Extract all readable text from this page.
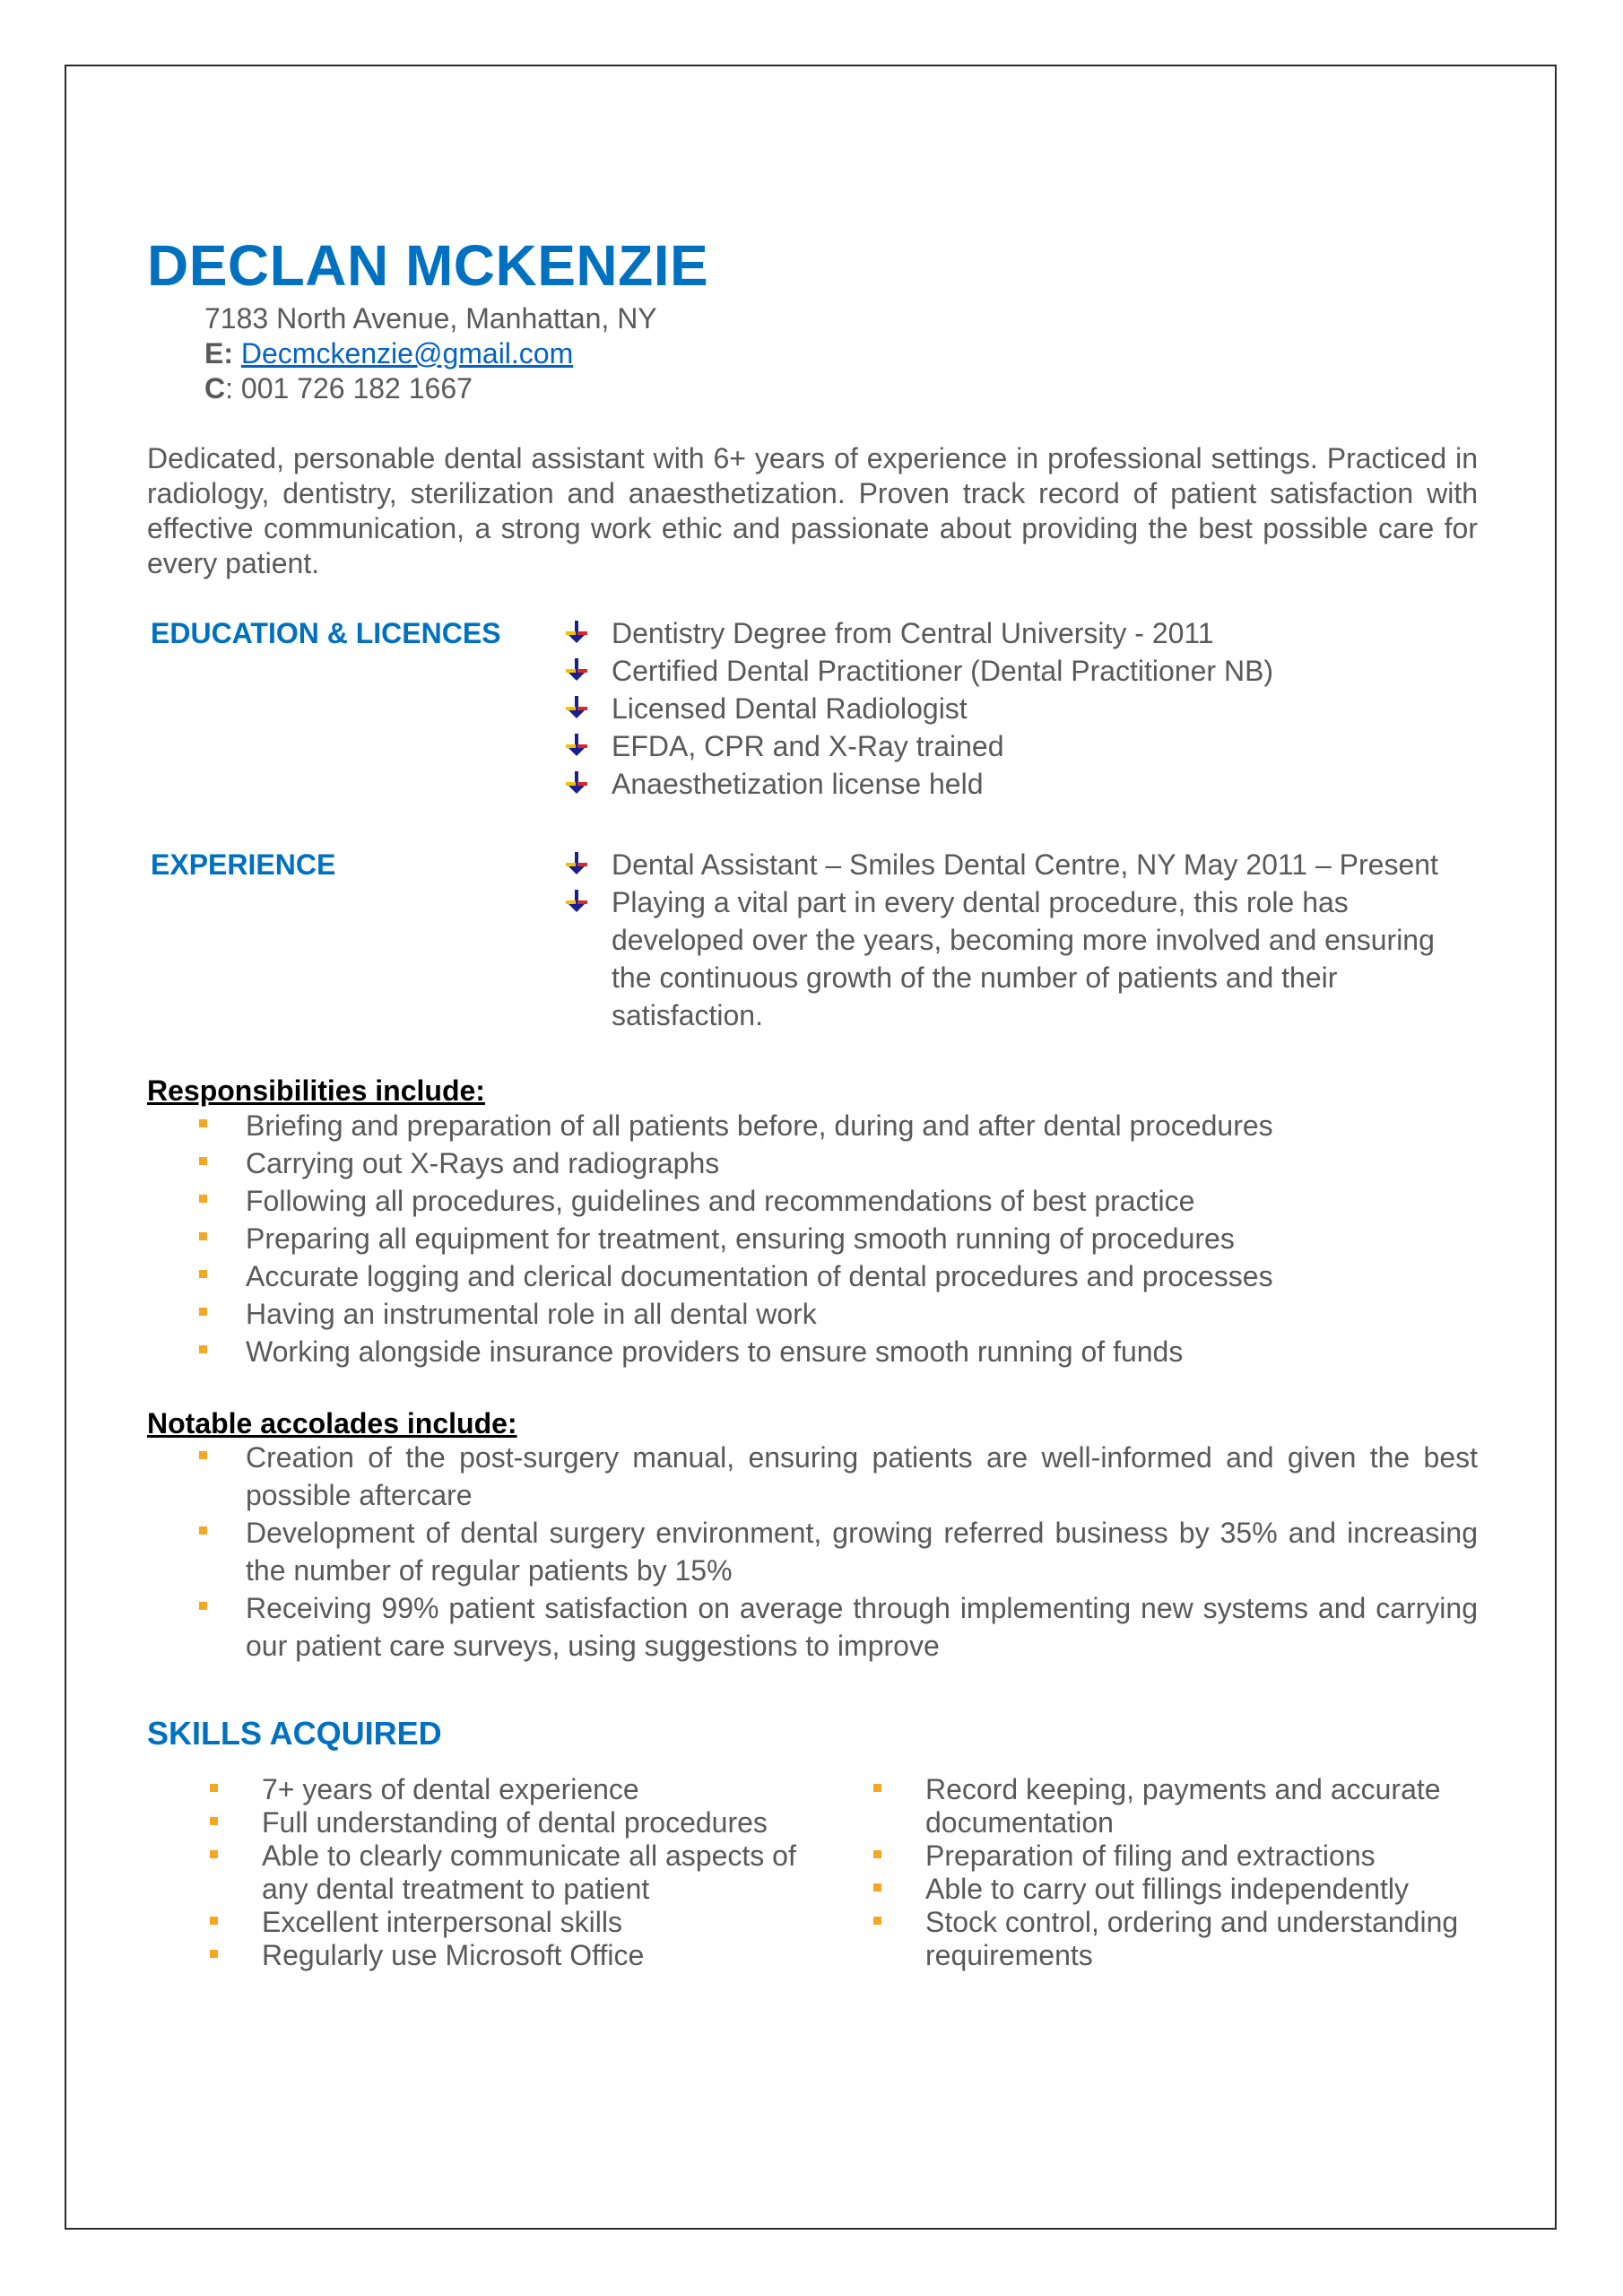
DECLAN MCKENZIE
7183 North Avenue, Manhattan, NY
E: Decmckenzie@gmail.com
C: 001 726 182 1667

Dedicated, personable dental assistant with 6+ years of experience in professional settings. Practiced in radiology, dentistry, sterilization and anaesthetization. Proven track record of patient satisfaction with effective communication, a strong work ethic and passionate about providing the best possible care for every patient.

EDUCATION & LICENCES	Dentistry Degree from Central University - 2011
Certified Dental Practitioner (Dental Practitioner NB)
Licensed Dental Radiologist
EFDA, CPR and X-Ray trained
Anaesthetization license held
EXPERIENCE	Dental Assistant – Smiles Dental Centre, NY May 2011 – Present
Playing a vital part in every dental procedure, this role has developed over the years, becoming more involved and ensuring the continuous growth of the number of patients and their satisfaction.
Responsibilities include:
Briefing and preparation of all patients before, during and after dental procedures
Carrying out X-Rays and radiographs
Following all procedures, guidelines and recommendations of best practice
Preparing all equipment for treatment, ensuring smooth running of procedures
Accurate logging and clerical documentation of dental procedures and processes
Having an instrumental role in all dental work
Working alongside insurance providers to ensure smooth running of funds
Notable accolades include:
Creation of the post-surgery manual, ensuring patients are well-informed and given the best possible aftercare
Development of dental surgery environment, growing referred business by 35% and increasing the number of regular patients by 15%
Receiving 99% patient satisfaction on average through implementing new systems and carrying our patient care surveys, using suggestions to improve
SKILLS ACQUIRED
7+ years of dental experience
Full understanding of dental procedures
Able to clearly communicate all aspects of any dental treatment to patient
Excellent interpersonal skills
Regularly use Microsoft Office
Record keeping, payments and accurate documentation
Preparation of filing and extractions
Able to carry out fillings independently
Stock control, ordering and understanding requirements
